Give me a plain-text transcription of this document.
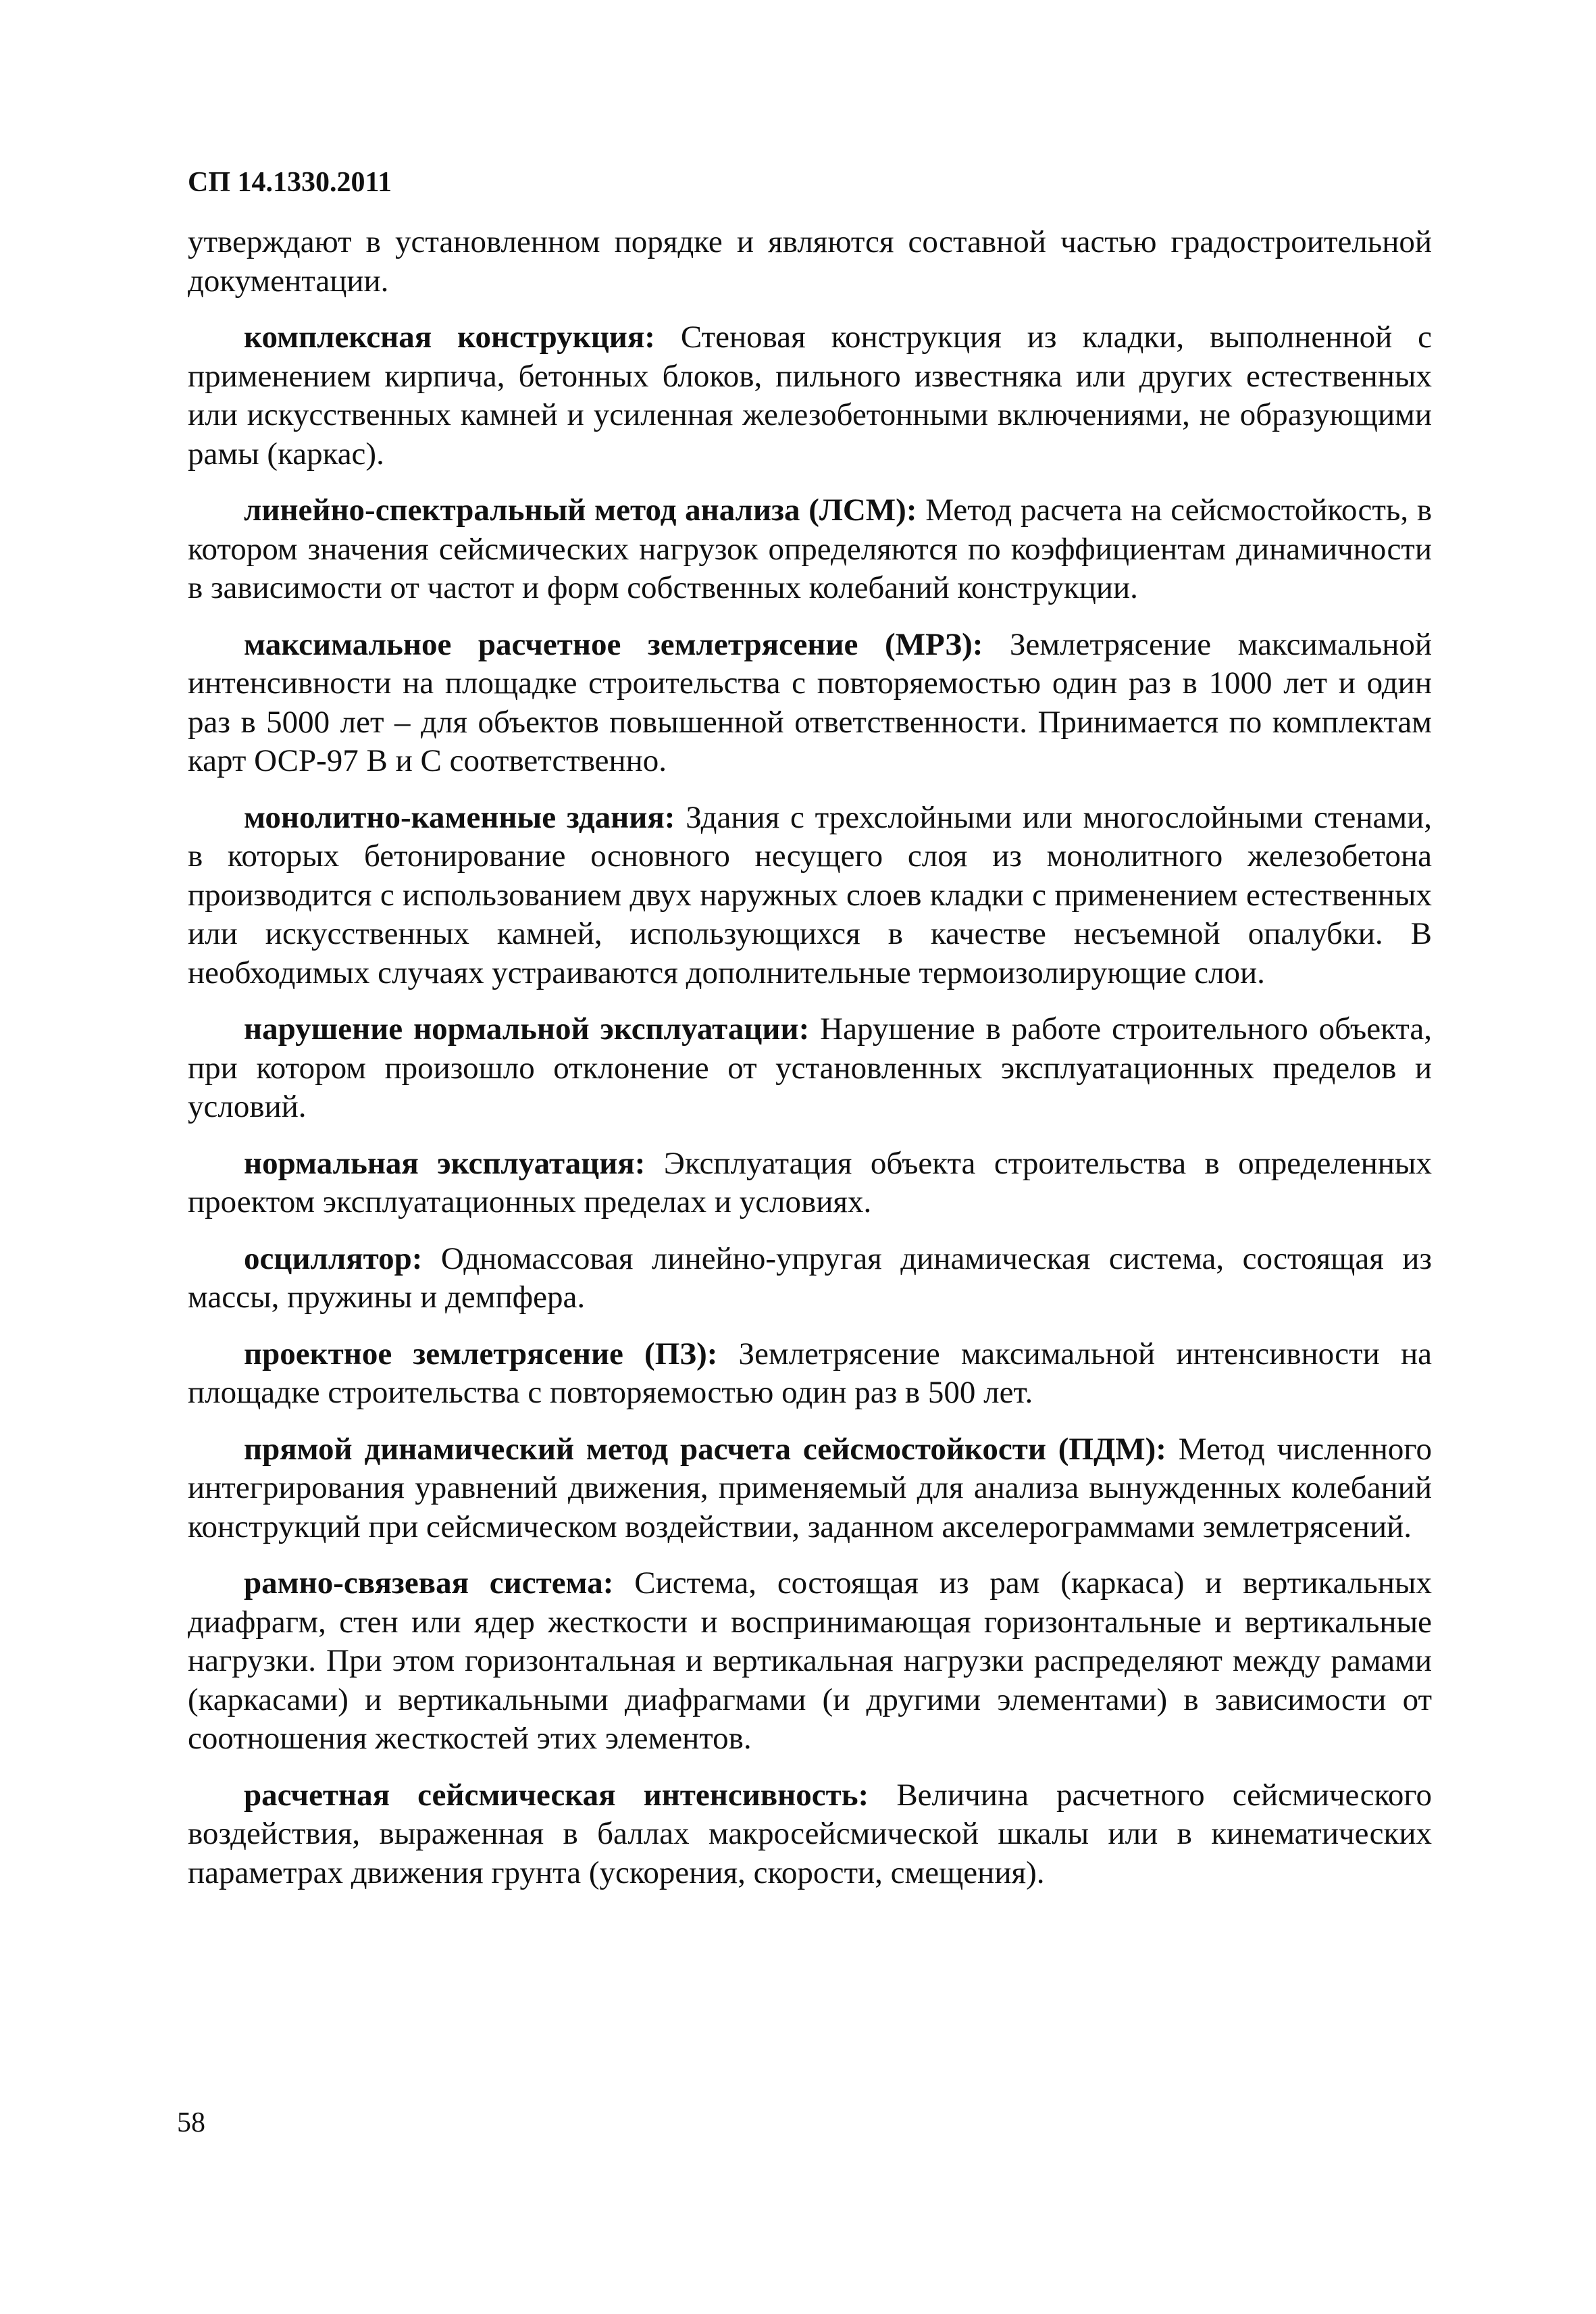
СП 14.1330.2011

утверждают в установленном порядке и являются составной частью градостроительной документации.

комплексная конструкция: Стеновая конструкция из кладки, выполненной с применением кирпича, бетонных блоков, пильного известняка или других естественных или искусственных камней и усиленная железобетонными включениями, не образующими рамы (каркас).

линейно-спектральный метод анализа (ЛСМ): Метод расчета на сейсмостойкость, в котором значения сейсмических нагрузок определяются по коэффициентам динамичности в зависимости от частот и форм собственных колебаний конструкции.

максимальное расчетное землетрясение (МРЗ): Землетрясение максимальной интенсивности на площадке строительства с повторяемостью один раз в 1000 лет и один раз в 5000 лет – для объектов повышенной ответственности. Принимается по комплектам карт ОСР-97 В и С соответственно.

монолитно-каменные здания: Здания с трехслойными или многослойными стенами, в которых бетонирование основного несущего слоя из монолитного железобетона производится с использованием двух наружных слоев кладки с применением естественных или искусственных камней, использующихся в качестве несъемной опалубки. В необходимых случаях устраиваются дополнительные термоизолирующие слои.

нарушение нормальной эксплуатации: Нарушение в работе строительного объекта, при котором произошло отклонение от установленных эксплуатационных пределов и условий.

нормальная эксплуатация: Эксплуатация объекта строительства в определенных проектом эксплуатационных пределах и условиях.

осциллятор: Одномассовая линейно-упругая динамическая система, состоящая из массы, пружины и демпфера.

проектное землетрясение (ПЗ): Землетрясение максимальной интенсивности на площадке строительства с повторяемостью один раз в 500 лет.

прямой динамический метод расчета сейсмостойкости (ПДМ): Метод численного интегрирования уравнений движения, применяемый для анализа вынужденных колебаний конструкций при сейсмическом воздействии, заданном акселерограммами землетрясений.

рамно-связевая система: Система, состоящая из рам (каркаса) и вертикальных диафрагм, стен или ядер жесткости и воспринимающая горизонтальные и вертикальные нагрузки. При этом горизонтальная и вертикальная нагрузки распределяют между рамами (каркасами) и вертикальными диафрагмами (и другими элементами) в зависимости от соотношения жесткостей этих элементов.

расчетная сейсмическая интенсивность: Величина расчетного сейсмического воздействия, выраженная в баллах макросейсмической шкалы или в кинематических параметрах движения грунта (ускорения, скорости, смещения).

58
